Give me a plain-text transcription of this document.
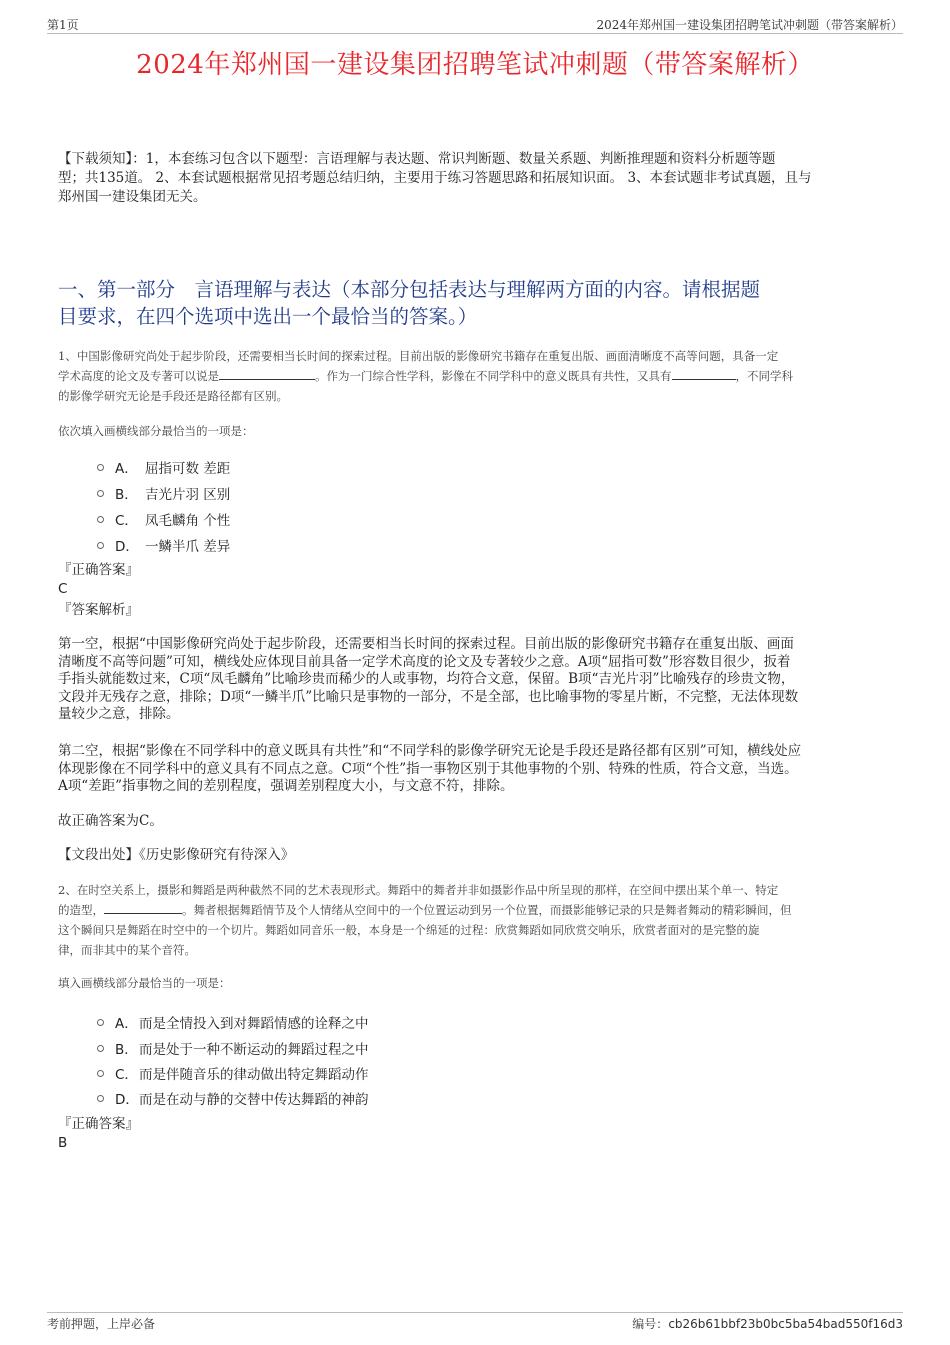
第1页	2024年郑州国一建设集团招聘笔试冲刺题（带答案解析）
2024年郑州国一建设集团招聘笔试冲刺题（带答案解析）
【下载须知】：1，本套练习包含以下题型：言语理解与表达题、常识判断题、数量关系题、判断推理题和资料分析题等题
型；共135道。 2、本套试题根据常见招考题总结归纳，主要用于练习答题思路和拓展知识面。 3、本套试题非考试真题，且与
郑州国一建设集团无关。
一、第一部分　言语理解与表达（本部分包括表达与理解两方面的内容。请根据题
目要求，在四个选项中选出一个最恰当的答案。）
1、中国影像研究尚处于起步阶段，还需要相当长时间的探索过程。目前出版的影像研究书籍存在重复出版、画面清晰度不高等问题，具备一定
学术高度的论文及专著可以说是	。作为一门综合性学科，影像在不同学科中的意义既具有共性，又具有	，不同学科
的影像学研究无论是手段还是路径都有区别。
依次填入画横线部分最恰当的一项是：
A． 屈指可数 差距
B． 吉光片羽 区别
C． 凤毛麟角 个性
D． 一鳞半爪 差异
『正确答案』
C
『答案解析』
第一空，根据“中国影像研究尚处于起步阶段，还需要相当长时间的探索过程。目前出版的影像研究书籍存在重复出版、画面
清晰度不高等问题”可知，横线处应体现目前具备一定学术高度的论文及专著较少之意。A项“屈指可数”形容数目很少，扳着
手指头就能数过来，C项“凤毛麟角”比喻珍贵而稀少的人或事物，均符合文意，保留。B项“吉光片羽”比喻残存的珍贵文物，
文段并无残存之意，排除；D项“一鳞半爪”比喻只是事物的一部分，不是全部，也比喻事物的零星片断，不完整，无法体现数
量较少之意，排除。
第二空，根据“影像在不同学科中的意义既具有共性”和“不同学科的影像学研究无论是手段还是路径都有区别”可知，横线处应
体现影像在不同学科中的意义具有不同点之意。C项“个性”指一事物区别于其他事物的个别、特殊的性质，符合文意，当选。
A项“差距”指事物之间的差别程度，强调差别程度大小，与文意不符，排除。
故正确答案为C。
【文段出处】《历史影像研究有待深入》
2、在时空关系上，摄影和舞蹈是两种截然不同的艺术表现形式。舞蹈中的舞者并非如摄影作品中所呈现的那样，在空间中摆出某个单一、特定
的造型，	。舞者根据舞蹈情节及个人情绪从空间中的一个位置运动到另一个位置，而摄影能够记录的只是舞者舞动的精彩瞬间，但
这个瞬间只是舞蹈在时空中的一个切片。舞蹈如同音乐一般，本身是一个绵延的过程：欣赏舞蹈如同欣赏交响乐，欣赏者面对的是完整的旋
律，而非其中的某个音符。
填入画横线部分最恰当的一项是：
A． 而是全情投入到对舞蹈情感的诠释之中
B． 而是处于一种不断运动的舞蹈过程之中
C． 而是伴随音乐的律动做出特定舞蹈动作
D． 而是在动与静的交替中传达舞蹈的神韵
『正确答案』
B
考前押题，上岸必备	编号：cb26b61bbf23b0bc5ba54bad550f16d3
